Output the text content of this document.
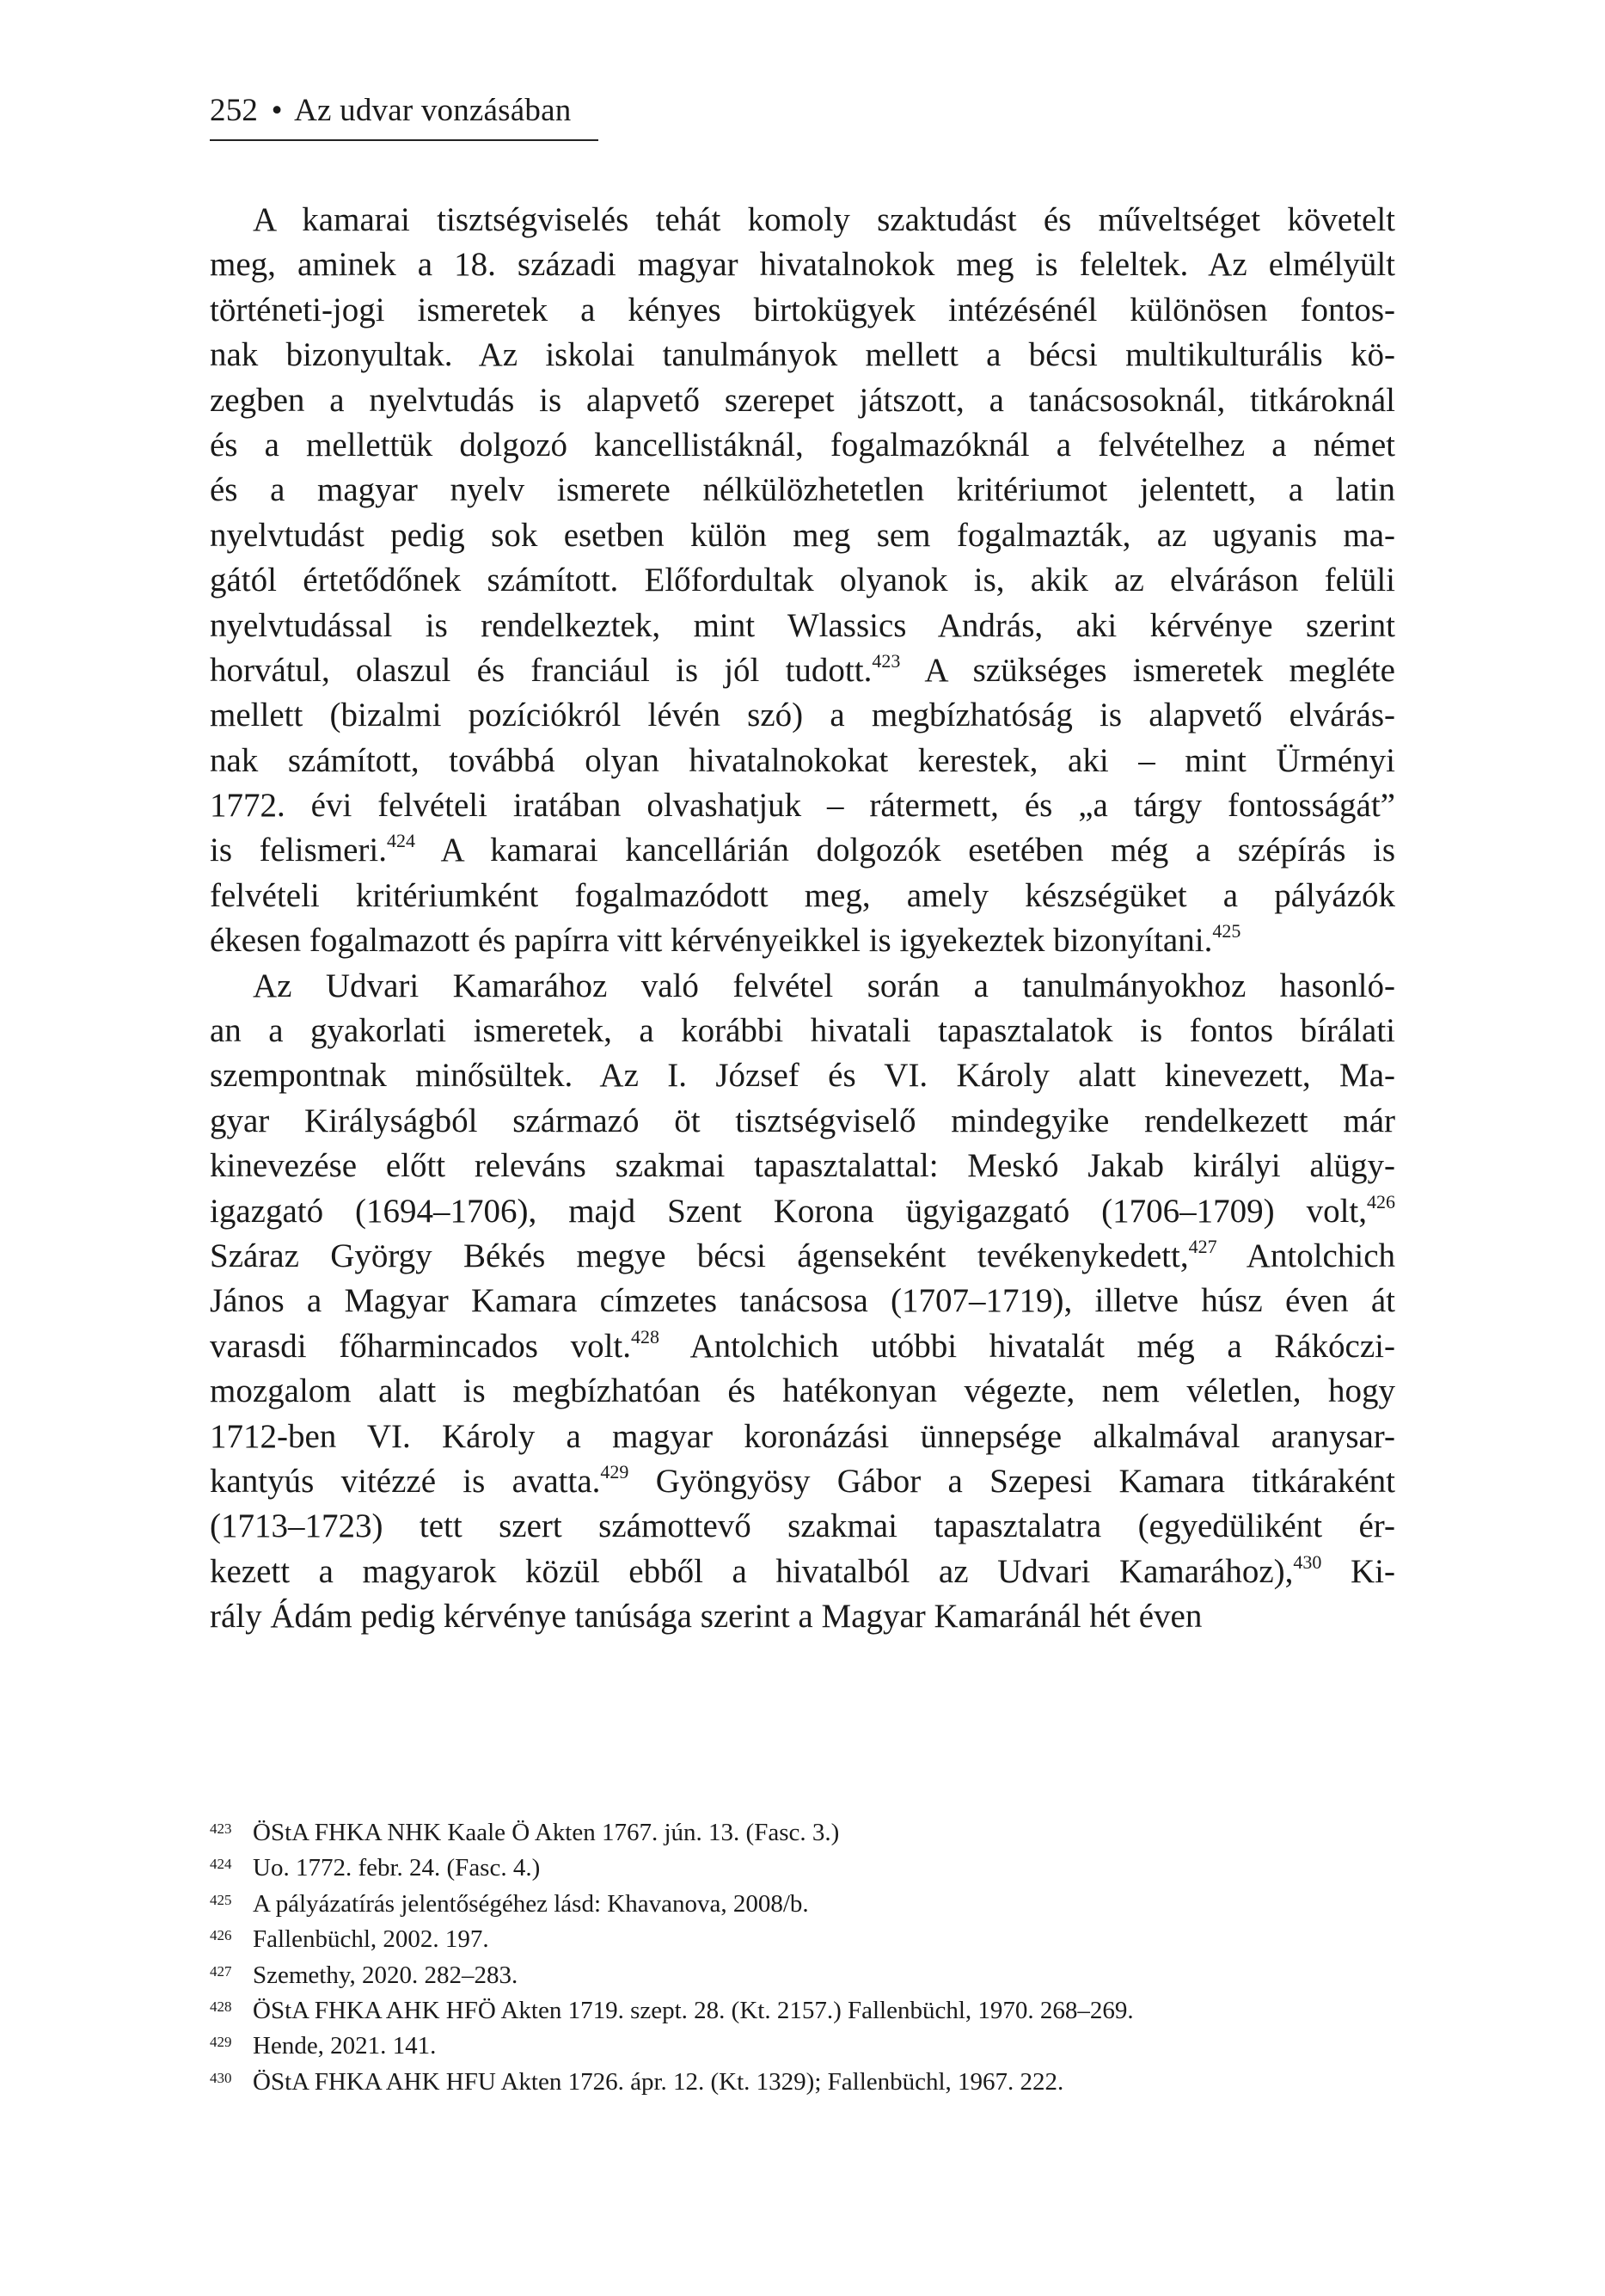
252 • Az udvar vonzásában
A kamarai tisztségviselés tehát komoly szaktudást és műveltséget követelt
meg, aminek a 18. századi magyar hivatalnokok meg is feleltek. Az elmélyült
történeti-jogi ismeretek a kényes birtokügyek intézésénél különösen fontos-
nak bizonyultak. Az iskolai tanulmányok mellett a bécsi multikulturális kö-
zegben a nyelvtudás is alapvető szerepet játszott, a tanácsosoknál, titkároknál
és a mellettük dolgozó kancellistáknál, fogalmazóknál a felvételhez a német
és a magyar nyelv ismerete nélkülözhetetlen kritériumot jelentett, a latin
nyelvtudást pedig sok esetben külön meg sem fogalmazták, az ugyanis ma-
gától értetődőnek számított. Előfordultak olyanok is, akik az elváráson felüli
nyelvtudással is rendelkeztek, mint Wlassics András, aki kérvénye szerint
horvátul, olaszul és franciául is jól tudott.$^{423}$ A szükséges ismeretek megléte
mellett (bizalmi pozíciókról lévén szó) a megbízhatóság is alapvető elvárás-
nak számított, továbbá olyan hivatalnokokat kerestek, aki – mint Ürményi
1772. évi felvételi iratában olvashatjuk – rátermett, és „a tárgy fontosságát”
is felismeri.$^{424}$ A kamarai kancellárián dolgozók esetében még a szépírás is
felvételi kritériumként fogalmazódott meg, amely készségüket a pályázók
ékesen fogalmazott és papírra vitt kérvényeikkel is igyekeztek bizonyítani.$^{425}$
Az Udvari Kamarához való felvétel során a tanulmányokhoz hasonló-
an a gyakorlati ismeretek, a korábbi hivatali tapasztalatok is fontos bírálati
szempontnak minősültek. Az I. József és VI. Károly alatt kinevezett, Ma-
gyar Királyságból származó öt tisztségviselő mindegyike rendelkezett már
kinevezése előtt releváns szakmai tapasztalattal: Meskó Jakab királyi alügy-
igazgató (1694–1706), majd Szent Korona ügyigazgató (1706–1709) volt,$^{426}$
Száraz György Békés megye bécsi ágenseként tevékenykedett,$^{427}$ Antolchich
János a Magyar Kamara címzetes tanácsosa (1707–1719), illetve húsz éven át
varasdi főharmincados volt.$^{428}$ Antolchich utóbbi hivatalát még a Rákóczi-
mozgalom alatt is megbízhatóan és hatékonyan végezte, nem véletlen, hogy
1712-ben VI. Károly a magyar koronázási ünnepsége alkalmával aranysar-
kantyús vitézzé is avatta.$^{429}$ Gyöngyösy Gábor a Szepesi Kamara titkáraként
(1713–1723) tett szert számottevő szakmai tapasztalatra (egyedüliként ér-
kezett a magyarok közül ebből a hivatalból az Udvari Kamarához),$^{430}$ Ki-
rály Ádám pedig kérvénye tanúsága szerint a Magyar Kamaránál hét éven
423 ÖStA FHKA NHK Kaale Ö Akten 1767. jún. 13. (Fasc. 3.)
424 Uo. 1772. febr. 24. (Fasc. 4.)
425 A pályázatírás jelentőségéhez lásd: Khavanova, 2008/b.
426 Fallenbüchl, 2002. 197.
427 Szemethy, 2020. 282–283.
428 ÖStA FHKA AHK HFÖ Akten 1719. szept. 28. (Kt. 2157.) Fallenbüchl, 1970. 268–269.
429 Hende, 2021. 141.
430 ÖStA FHKA AHK HFU Akten 1726. ápr. 12. (Kt. 1329); Fallenbüchl, 1967. 222.
